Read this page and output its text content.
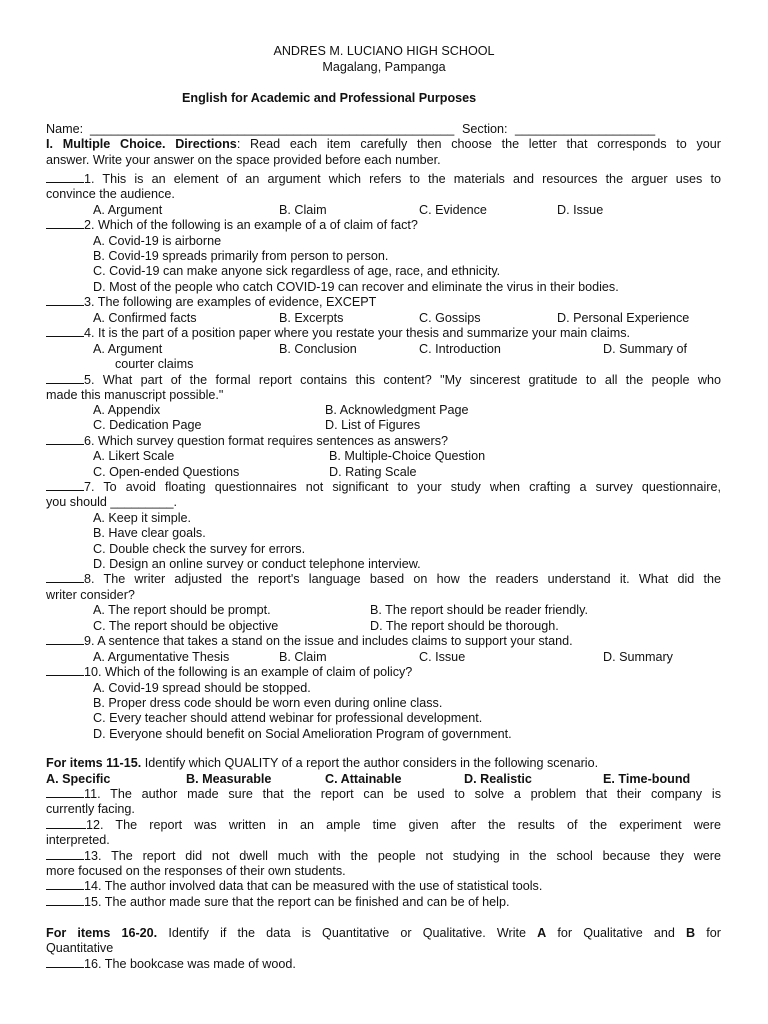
ANDRES M. LUCIANO HIGH SCHOOL
Magalang, Pampanga
English for Academic and Professional Purposes
Name: ____________________________________________________ Section: ____________________
I. Multiple Choice. Directions: Read each item carefully then choose the letter that corresponds to your
answer. Write your answer on the space provided before each number.
1. This is an element of an argument which refers to the materials and resources the arguer uses to
convince the audience.
A. Argument	B. Claim	C. Evidence	D. Issue
2. Which of the following is an example of a of claim of fact?
A. Covid-19 is airborne
B. Covid-19 spreads primarily from person to person.
C. Covid-19 can make anyone sick regardless of age, race, and ethnicity.
D. Most of the people who catch COVID-19 can recover and eliminate the virus in their bodies.
3. The following are examples of evidence, EXCEPT
A. Confirmed facts	B. Excerpts	C. Gossips	D. Personal Experience
4. It is the part of a position paper where you restate your thesis and summarize your main claims.
A. Argument	B. Conclusion	C. Introduction	D. Summary of
courter claims
5. What part of the formal report contains this content? "My sincerest gratitude to all the people who
made this manuscript possible."
A. Appendix	B. Acknowledgment Page
C. Dedication Page	D. List of Figures
6. Which survey question format requires sentences as answers?
A. Likert Scale	B. Multiple-Choice Question
C. Open-ended Questions	D. Rating Scale
7. To avoid floating questionnaires not significant to your study when crafting a survey questionnaire,
you should _________.
A. Keep it simple.
B. Have clear goals.
C. Double check the survey for errors.
D. Design an online survey or conduct telephone interview.
8. The writer adjusted the report's language based on how the readers understand it. What did the
writer consider?
A. The report should be prompt.	B. The report should be reader friendly.
C. The report should be objective	D. The report should be thorough.
9. A sentence that takes a stand on the issue and includes claims to support your stand.
A. Argumentative Thesis	B. Claim	C. Issue	D. Summary
10. Which of the following is an example of claim of policy?
A. Covid-19 spread should be stopped.
B. Proper dress code should be worn even during online class.
C. Every teacher should attend webinar for professional development.
D. Everyone should benefit on Social Amelioration Program of government.
For items 11-15. Identify which QUALITY of a report the author considers in the following scenario.
A. Specific	B. Measurable	C. Attainable	D. Realistic	E. Time-bound
11. The author made sure that the report can be used to solve a problem that their company is
currently facing.
12. The report was written in an ample time given after the results of the experiment were
interpreted.
13. The report did not dwell much with the people not studying in the school because they were
more focused on the responses of their own students.
14. The author involved data that can be measured with the use of statistical tools.
15. The author made sure that the report can be finished and can be of help.
For items 16-20. Identify if the data is Quantitative or Qualitative. Write A for Qualitative and B for
Quantitative
16. The bookcase was made of wood.
